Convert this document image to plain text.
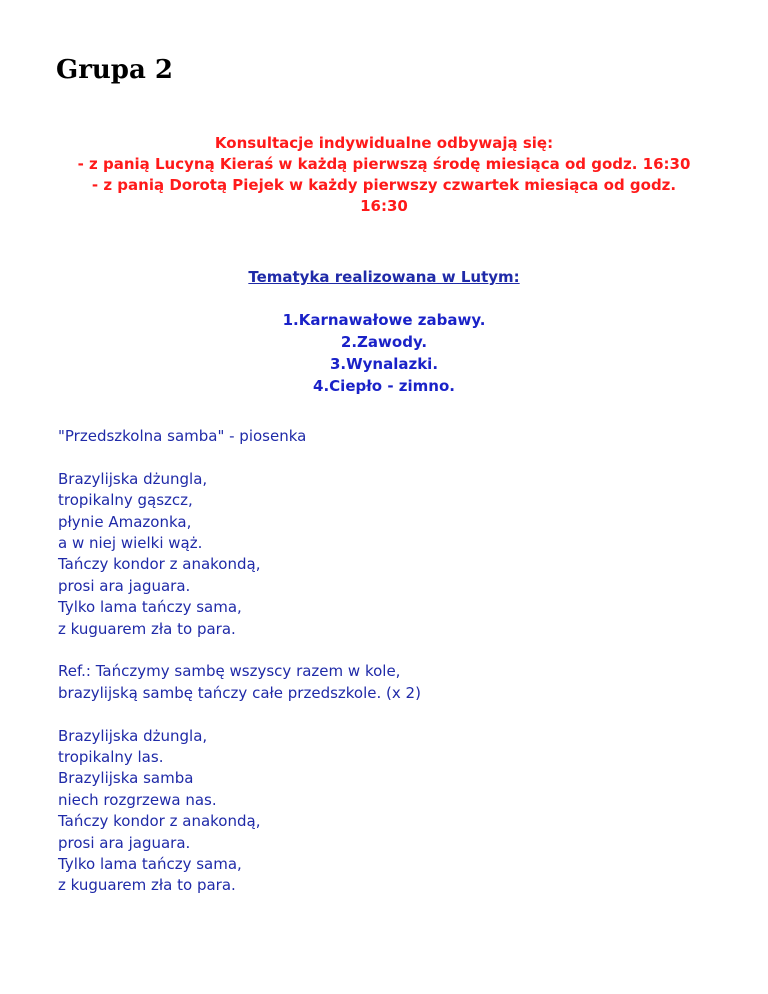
Grupa 2
Konsultacje indywidualne odbywają się:
- z panią Lucyną Kieraś w każdą pierwszą środę miesiąca od godz. 16:30
- z panią Dorotą Piejek w każdy pierwszy czwartek miesiąca od godz.
16:30
Tematyka realizowana w Lutym:
1.Karnawałowe zabawy.
2.Zawody.
3.Wynalazki.
4.Ciepło - zimno.
"Przedszkolna samba" - piosenka
Brazylijska dżungla,
tropikalny gąszcz,
płynie Amazonka,
a w niej wielki wąż.
Tańczy kondor z anakondą,
prosi ara jaguara.
Tylko lama tańczy sama,
z kuguarem zła to para.
Ref.: Tańczymy sambę wszyscy razem w kole,
brazylijską sambę tańczy całe przedszkole. (x 2)
Brazylijska dżungla,
tropikalny las.
Brazylijska samba
niech rozgrzewa nas.
Tańczy kondor z anakondą,
prosi ara jaguara.
Tylko lama tańczy sama,
z kuguarem zła to para.
